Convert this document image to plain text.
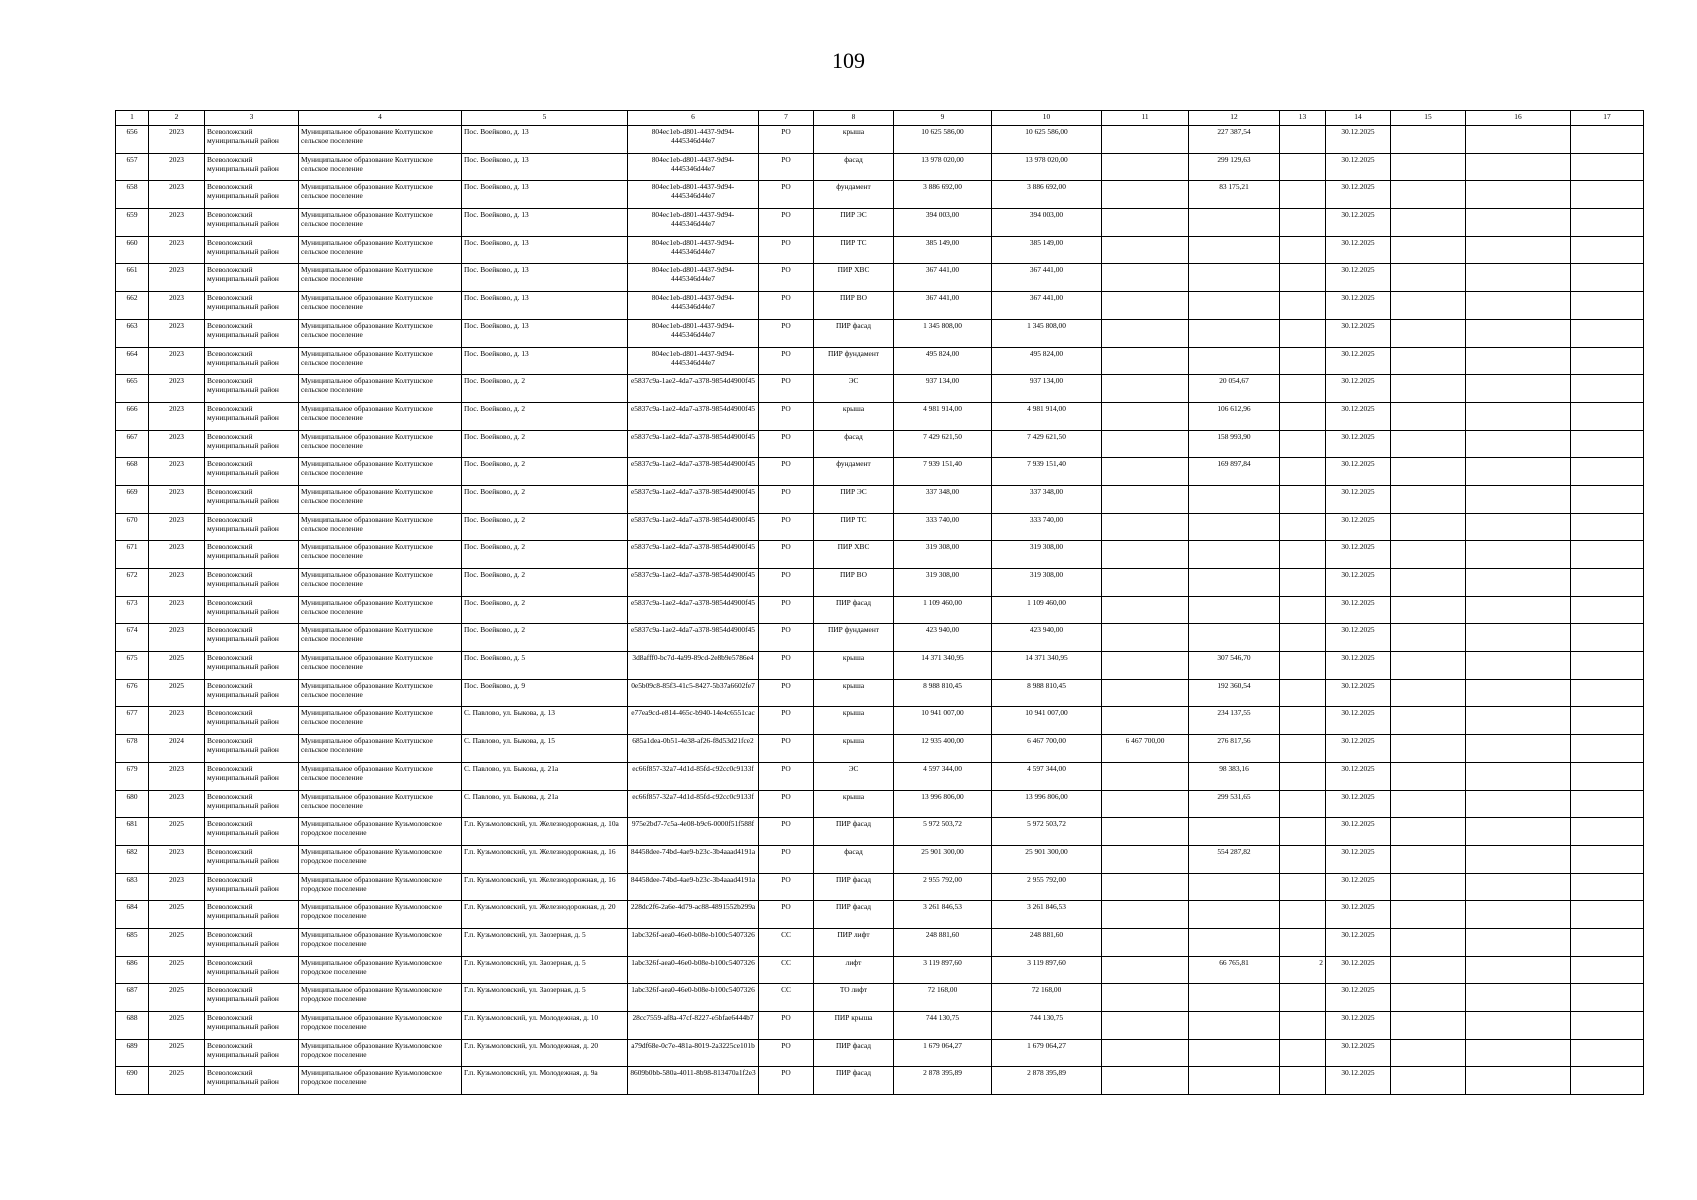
109
1	2	3	4	5	6	7	8	9	10	11	12	13	14	15	16	17
656	2023	Всеволожский муниципальный район	Муниципальное образование Колтушское сельское поселение	Пос. Воейково, д. 13	804ec1eb-d801-4437-9d94-4445346d44e7	РО	крыша	10 625 586,00	10 625 586,00		227 387,54		30.12.2025			
657	2023	Всеволожский муниципальный район	Муниципальное образование Колтушское сельское поселение	Пос. Воейково, д. 13	804ec1eb-d801-4437-9d94-4445346d44e7	РО	фасад	13 978 020,00	13 978 020,00		299 129,63		30.12.2025			
658	2023	Всеволожский муниципальный район	Муниципальное образование Колтушское сельское поселение	Пос. Воейково, д. 13	804ec1eb-d801-4437-9d94-4445346d44e7	РО	фундамент	3 886 692,00	3 886 692,00		83 175,21		30.12.2025			
659	2023	Всеволожский муниципальный район	Муниципальное образование Колтушское сельское поселение	Пос. Воейково, д. 13	804ec1eb-d801-4437-9d94-4445346d44e7	РО	ПИР ЭС	394 003,00	394 003,00				30.12.2025			
660	2023	Всеволожский муниципальный район	Муниципальное образование Колтушское сельское поселение	Пос. Воейково, д. 13	804ec1eb-d801-4437-9d94-4445346d44e7	РО	ПИР ТС	385 149,00	385 149,00				30.12.2025			
661	2023	Всеволожский муниципальный район	Муниципальное образование Колтушское сельское поселение	Пос. Воейково, д. 13	804ec1eb-d801-4437-9d94-4445346d44e7	РО	ПИР ХВС	367 441,00	367 441,00				30.12.2025			
662	2023	Всеволожский муниципальный район	Муниципальное образование Колтушское сельское поселение	Пос. Воейково, д. 13	804ec1eb-d801-4437-9d94-4445346d44e7	РО	ПИР ВО	367 441,00	367 441,00				30.12.2025			
663	2023	Всеволожский муниципальный район	Муниципальное образование Колтушское сельское поселение	Пос. Воейково, д. 13	804ec1eb-d801-4437-9d94-4445346d44e7	РО	ПИР фасад	1 345 808,00	1 345 808,00				30.12.2025			
664	2023	Всеволожский муниципальный район	Муниципальное образование Колтушское сельское поселение	Пос. Воейково, д. 13	804ec1eb-d801-4437-9d94-4445346d44e7	РО	ПИР фундамент	495 824,00	495 824,00				30.12.2025			
665	2023	Всеволожский муниципальный район	Муниципальное образование Колтушское сельское поселение	Пос. Воейково, д. 2	e5837c9a-1ae2-4da7-a378-9854d4900f45	РО	ЭС	937 134,00	937 134,00		20 054,67		30.12.2025			
666	2023	Всеволожский муниципальный район	Муниципальное образование Колтушское сельское поселение	Пос. Воейково, д. 2	e5837c9a-1ae2-4da7-a378-9854d4900f45	РО	крыша	4 981 914,00	4 981 914,00		106 612,96		30.12.2025			
667	2023	Всеволожский муниципальный район	Муниципальное образование Колтушское сельское поселение	Пос. Воейково, д. 2	e5837c9a-1ae2-4da7-a378-9854d4900f45	РО	фасад	7 429 621,50	7 429 621,50		158 993,90		30.12.2025			
668	2023	Всеволожский муниципальный район	Муниципальное образование Колтушское сельское поселение	Пос. Воейково, д. 2	e5837c9a-1ae2-4da7-a378-9854d4900f45	РО	фундамент	7 939 151,40	7 939 151,40		169 897,84		30.12.2025			
669	2023	Всеволожский муниципальный район	Муниципальное образование Колтушское сельское поселение	Пос. Воейково, д. 2	e5837c9a-1ae2-4da7-a378-9854d4900f45	РО	ПИР ЭС	337 348,00	337 348,00				30.12.2025			
670	2023	Всеволожский муниципальный район	Муниципальное образование Колтушское сельское поселение	Пос. Воейково, д. 2	e5837c9a-1ae2-4da7-a378-9854d4900f45	РО	ПИР ТС	333 740,00	333 740,00				30.12.2025			
671	2023	Всеволожский муниципальный район	Муниципальное образование Колтушское сельское поселение	Пос. Воейково, д. 2	e5837c9a-1ae2-4da7-a378-9854d4900f45	РО	ПИР ХВС	319 308,00	319 308,00				30.12.2025			
672	2023	Всеволожский муниципальный район	Муниципальное образование Колтушское сельское поселение	Пос. Воейково, д. 2	e5837c9a-1ae2-4da7-a378-9854d4900f45	РО	ПИР ВО	319 308,00	319 308,00				30.12.2025			
673	2023	Всеволожский муниципальный район	Муниципальное образование Колтушское сельское поселение	Пос. Воейково, д. 2	e5837c9a-1ae2-4da7-a378-9854d4900f45	РО	ПИР фасад	1 109 460,00	1 109 460,00				30.12.2025			
674	2023	Всеволожский муниципальный район	Муниципальное образование Колтушское сельское поселение	Пос. Воейково, д. 2	e5837c9a-1ae2-4da7-a378-9854d4900f45	РО	ПИР фундамент	423 940,00	423 940,00				30.12.2025			
675	2025	Всеволожский муниципальный район	Муниципальное образование Колтушское сельское поселение	Пос. Воейково, д. 5	3d8afff0-bc7d-4a99-89cd-2e8b9e5786e4	РО	крыша	14 371 340,95	14 371 340,95		307 546,70		30.12.2025			
676	2025	Всеволожский муниципальный район	Муниципальное образование Колтушское сельское поселение	Пос. Воейково, д. 9	0e5b09c8-85f3-41c5-8427-5b37a6602fe7	РО	крыша	8 988 810,45	8 988 810,45		192 360,54		30.12.2025			
677	2023	Всеволожский муниципальный район	Муниципальное образование Колтушское сельское поселение	С. Павлово, ул. Быкова, д. 13	e77ea9cd-e814-465c-b940-14e4c6551cac	РО	крыша	10 941 007,00	10 941 007,00		234 137,55		30.12.2025			
678	2024	Всеволожский муниципальный район	Муниципальное образование Колтушское сельское поселение	С. Павлово, ул. Быкова, д. 15	685a1dea-0b51-4e38-af26-f8d53d21fce2	РО	крыша	12 935 400,00	6 467 700,00	6 467 700,00	276 817,56		30.12.2025			
679	2023	Всеволожский муниципальный район	Муниципальное образование Колтушское сельское поселение	С. Павлово, ул. Быкова, д. 21а	ec66f857-32a7-4d1d-85fd-c92cc0c9133f	РО	ЭС	4 597 344,00	4 597 344,00		98 383,16		30.12.2025			
680	2023	Всеволожский муниципальный район	Муниципальное образование Колтушское сельское поселение	С. Павлово, ул. Быкова, д. 21а	ec66f857-32a7-4d1d-85fd-c92cc0c9133f	РО	крыша	13 996 806,00	13 996 806,00		299 531,65		30.12.2025			
681	2025	Всеволожский муниципальный район	Муниципальное образование Кузьмоловское городское поселение	Г.п. Кузьмоловский, ул. Железнодорожная, д. 10а	975e2bd7-7c5a-4e08-b9c6-0000f51f588f	РО	ПИР фасад	5 972 503,72	5 972 503,72				30.12.2025			
682	2023	Всеволожский муниципальный район	Муниципальное образование Кузьмоловское городское поселение	Г.п. Кузьмоловский, ул. Железнодорожная, д. 16	84458dee-74bd-4ae9-b23c-3b4aaad4191a	РО	фасад	25 901 300,00	25 901 300,00		554 287,82		30.12.2025			
683	2023	Всеволожский муниципальный район	Муниципальное образование Кузьмоловское городское поселение	Г.п. Кузьмоловский, ул. Железнодорожная, д. 16	84458dee-74bd-4ae9-b23c-3b4aaad4191a	РО	ПИР фасад	2 955 792,00	2 955 792,00				30.12.2025			
684	2025	Всеволожский муниципальный район	Муниципальное образование Кузьмоловское городское поселение	Г.п. Кузьмоловский, ул. Железнодорожная, д. 20	228dc2f6-2a6e-4d79-ac88-4891552b299a	РО	ПИР фасад	3 261 846,53	3 261 846,53				30.12.2025			
685	2025	Всеволожский муниципальный район	Муниципальное образование Кузьмоловское городское поселение	Г.п. Кузьмоловский, ул. Заозерная, д. 5	1abc326f-aea0-46e0-b08e-b100c5407326	СС	ПИР лифт	248 881,60	248 881,60				30.12.2025			
686	2025	Всеволожский муниципальный район	Муниципальное образование Кузьмоловское городское поселение	Г.п. Кузьмоловский, ул. Заозерная, д. 5	1abc326f-aea0-46e0-b08e-b100c5407326	СС	лифт	3 119 897,60	3 119 897,60		66 765,81	2	30.12.2025			
687	2025	Всеволожский муниципальный район	Муниципальное образование Кузьмоловское городское поселение	Г.п. Кузьмоловский, ул. Заозерная, д. 5	1abc326f-aea0-46e0-b08e-b100c5407326	СС	ТО лифт	72 168,00	72 168,00				30.12.2025			
688	2025	Всеволожский муниципальный район	Муниципальное образование Кузьмоловское городское поселение	Г.п. Кузьмоловский, ул. Молодежная, д. 10	28cc7559-af8a-47cf-8227-e5bfae6444b7	РО	ПИР крыша	744 130,75	744 130,75				30.12.2025			
689	2025	Всеволожский муниципальный район	Муниципальное образование Кузьмоловское городское поселение	Г.п. Кузьмоловский, ул. Молодежная, д. 20	a79df68e-0c7e-481a-8019-2a3225ce101b	РО	ПИР фасад	1 679 064,27	1 679 064,27				30.12.2025			
690	2025	Всеволожский муниципальный район	Муниципальное образование Кузьмоловское городское поселение	Г.п. Кузьмоловский, ул. Молодежная, д. 9а	8609b0bb-580a-4011-8b98-813470a1f2e3	РО	ПИР фасад	2 878 395,89	2 878 395,89				30.12.2025			
